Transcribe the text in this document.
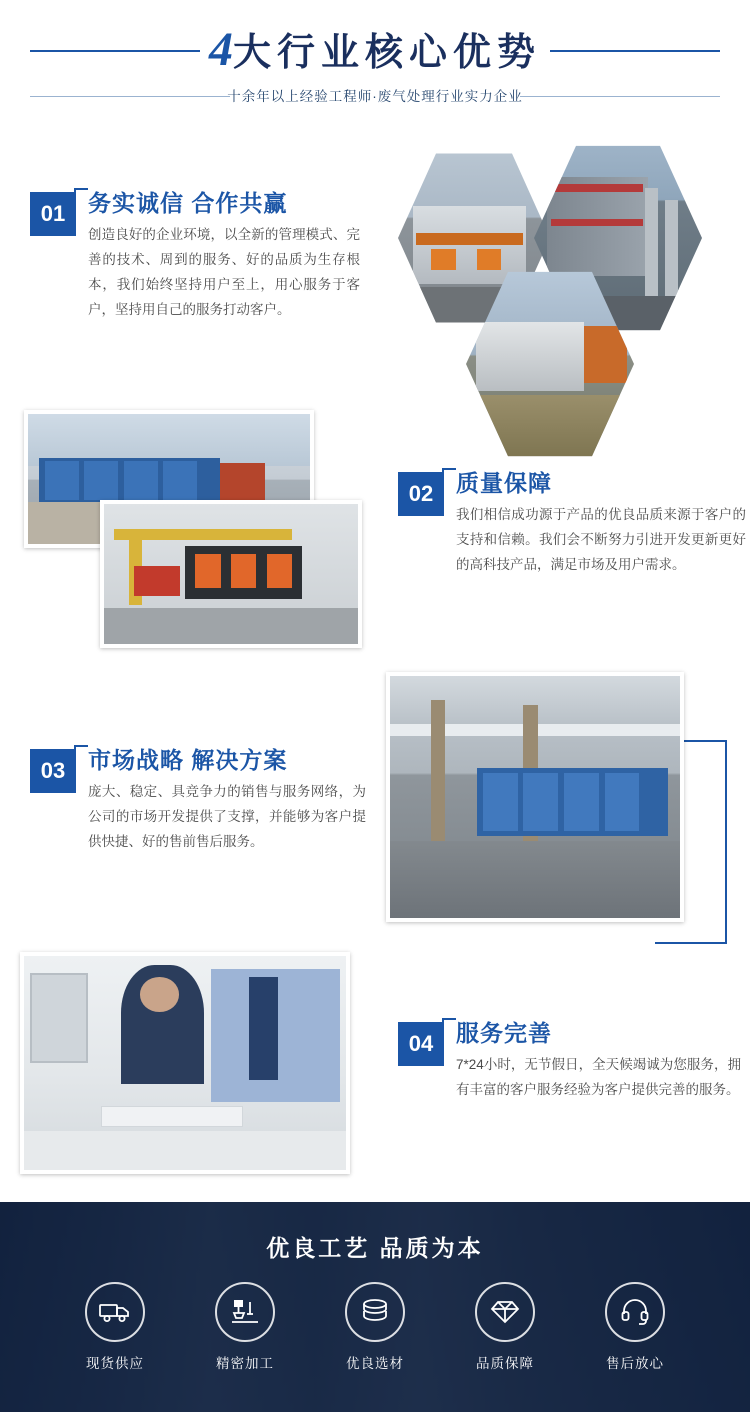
4大行业核心优势
十余年以上经验工程师·废气处理行业实力企业
01 务实诚信 合作共赢
创造良好的企业环境，以全新的管理模式、完善的技术、周到的服务、好的品质为生存根本，我们始终坚持用户至上，用心服务于客户，坚持用自己的服务打动客户。
02 质量保障
我们相信成功源于产品的优良品质来源于客户的支持和信赖。我们会不断努力引进开发更新更好的高科技产品，满足市场及用户需求。
03 市场战略 解决方案
庞大、稳定、具竞争力的销售与服务网络，为公司的市场开发提供了支撑，并能够为客户提供快捷、好的售前售后服务。
04 服务完善
7*24小时，无节假日，全天候竭诚为您服务，拥有丰富的客户服务经验为客户提供完善的服务。
优良工艺 品质为本
现货供应	精密加工	优良选材	品质保障	售后放心
